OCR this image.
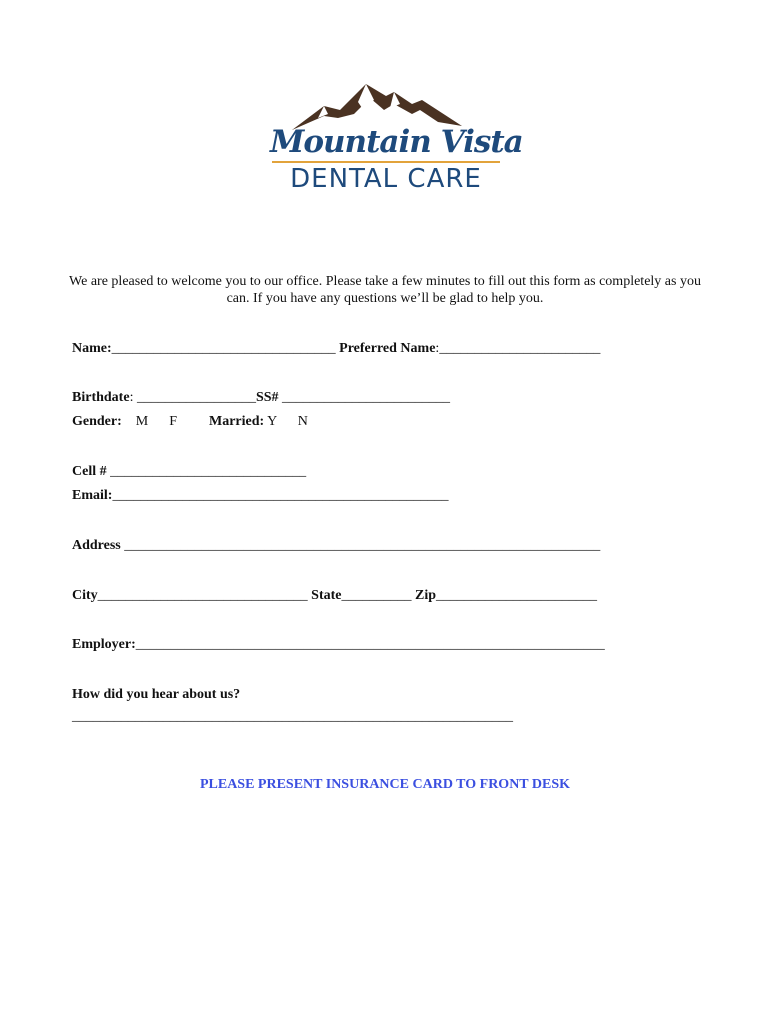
Mountain Vista
DENTAL CARE
We are pleased to welcome you to our office. Please take a few minutes to fill out this form as completely as you can. If you have any questions we’ll be glad to help you.
Name:________________________________ Preferred Name:_______________________
Birthdate: _________________SS# ________________________
Gender: M      F Married: Y      N
Cell # ____________________________
Email:________________________________________________
Address ____________________________________________________________________
City______________________________ State__________ Zip_______________________
Employer:___________________________________________________________________
How did you hear about us?
_______________________________________________________________
PLEASE PRESENT INSURANCE CARD TO FRONT DESK
